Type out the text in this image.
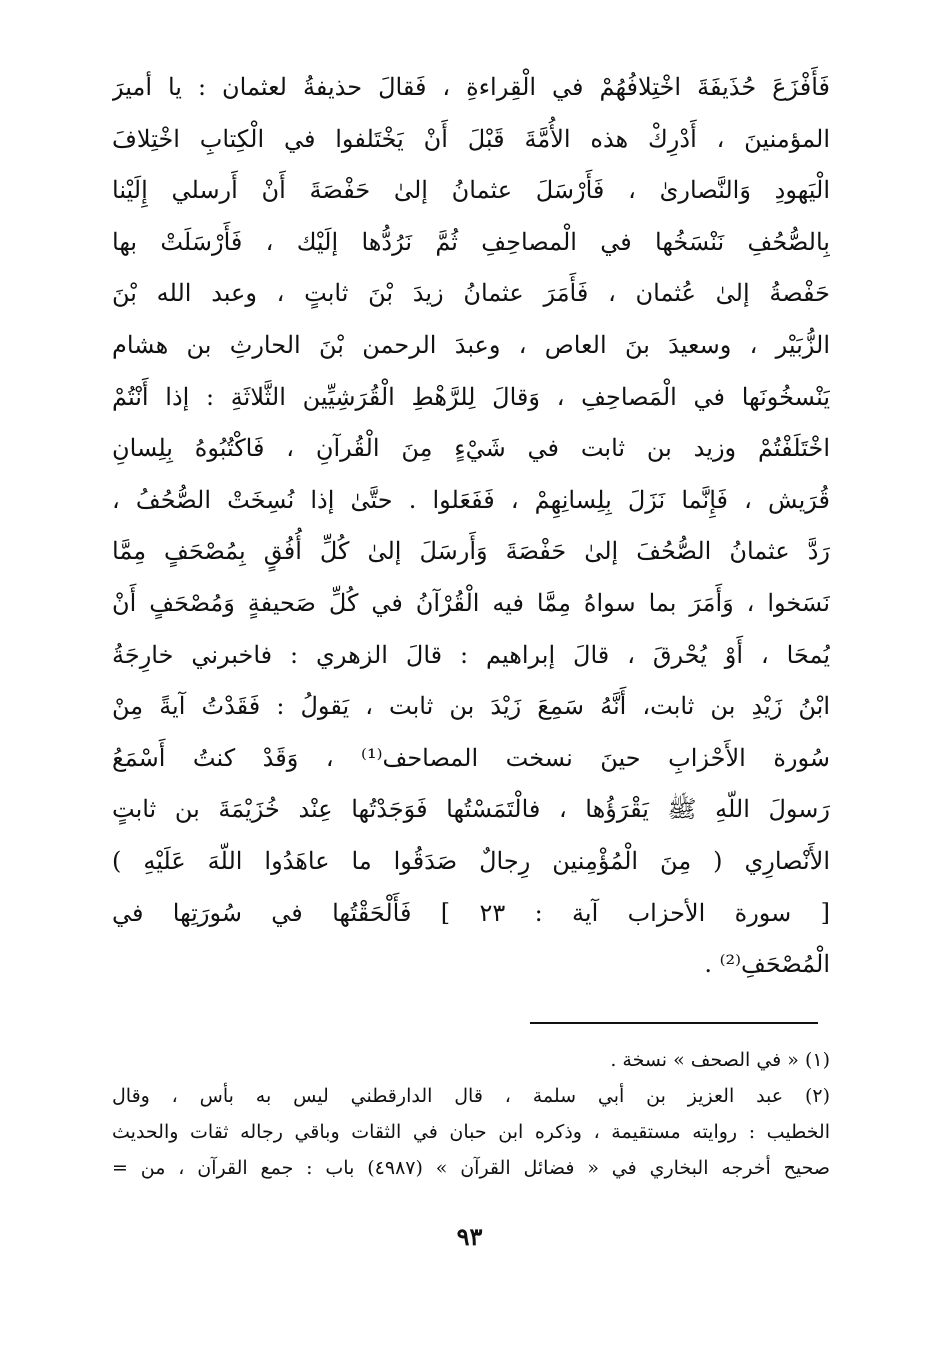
فَأَفْزَعَ حُذَيفَةَ اخْتِلافُهُمْ في الْقِراءةِ ، فَقالَ حذيفةُ لعثمان : يا أميرَ
المؤمنينَ ، أَدْرِكْ هذه الأُمَّةَ قَبْلَ أَنْ يَخْتَلفوا في الْكِتابِ اخْتِلافَ
الْيَهودِ وَالنَّصارىٰ ، فَأَرْسَلَ عثمانُ إلىٰ حَفْصَةَ أَنْ أَرسلي إِلَيْنا
بِالصُّحُفِ نَنْسَخُها في الْمصاحِفِ ثُمَّ نَرُدُّها إلَيْك ، فَأَرْسَلَتْ بها
حَفْصةُ إلىٰ عُثمان ، فَأَمَرَ عثمانُ زيدَ بْنَ ثابتٍ ، وعبد الله بْنَ
الزُّبَيْر ، وسعيدَ بنَ العاص ، وعبدَ الرحمن بْنَ الحارثِ بن هشام
يَنْسخُونَها في الْمَصاحِفِ ، وَقالَ لِلرَّهْطِ الْقُرَشِيِّين الثَّلاثَةِ : إذا أَنْتُمْ
اخْتَلَفْتُمْ وزيد بن ثابت في شَيْءٍ مِنَ الْقُرآنِ ، فَاكْتُبُوهُ بِلِسانِ
قُرَيش ، فَإِنَّما نَزَلَ بِلِسانِهِمْ ، فَفَعَلوا . حتَّىٰ إذا نُسِخَتْ الصُّحُفُ ،
رَدَّ عثمانُ الصُّحُفَ إلىٰ حَفْصَةَ وَأَرسَلَ إلىٰ كُلِّ أُفُقٍ بِمُصْحَفٍ مِمَّا
نَسَخوا ، وَأَمَرَ بما سواهُ مِمَّا فيه الْقُرْآنُ في كُلِّ صَحيفةٍ وَمُصْحَفٍ أَنْ
يُمحَا ، أَوْ يُحْرقَ ، قالَ إبراهيم : قالَ الزهري : فاخبرني خارِجَةُ
ابْنُ زَيْدِ بن ثابت، أَنَّهُ سَمِعَ زَيْدَ بن ثابت ، يَقولُ : فَقَدْتُ آيةً مِنْ
سُورة الأَحْزابِ حينَ نسخت المصاحف⁽¹⁾ ، وَقَدْ كنتُ أَسْمَعُ
رَسولَ اللّهِ ﷺ يَقْرَؤُها ، فالْتَمَسْتُها فَوَجَدْتُها عِنْد خُزَيْمَةَ بن ثابتٍ
الأَنْصارِي ( مِنَ الْمُؤْمِنين رِجالٌ صَدَقُوا ما عاهَدُوا اللّهَ عَلَيْهِ )
[ سورة الأحزاب آية : ٢٣ ] فَأَلْحَقْتُها في سُورَتِها في
الْمُصْحَفِ⁽²⁾ .
(١) « في الصحف » نسخة .
(٢) عبد العزيز بن أبي سلمة ، قال الدارقطني ليس به بأس ، وقال
الخطيب : روايته مستقيمة ، وذكره ابن حبان في الثقات وباقي رجاله ثقات والحديث
صحيح أخرجه البخاري في « فضائل القرآن » (٤٩٨٧) باب : جمع القرآن ، من =
٩٣
